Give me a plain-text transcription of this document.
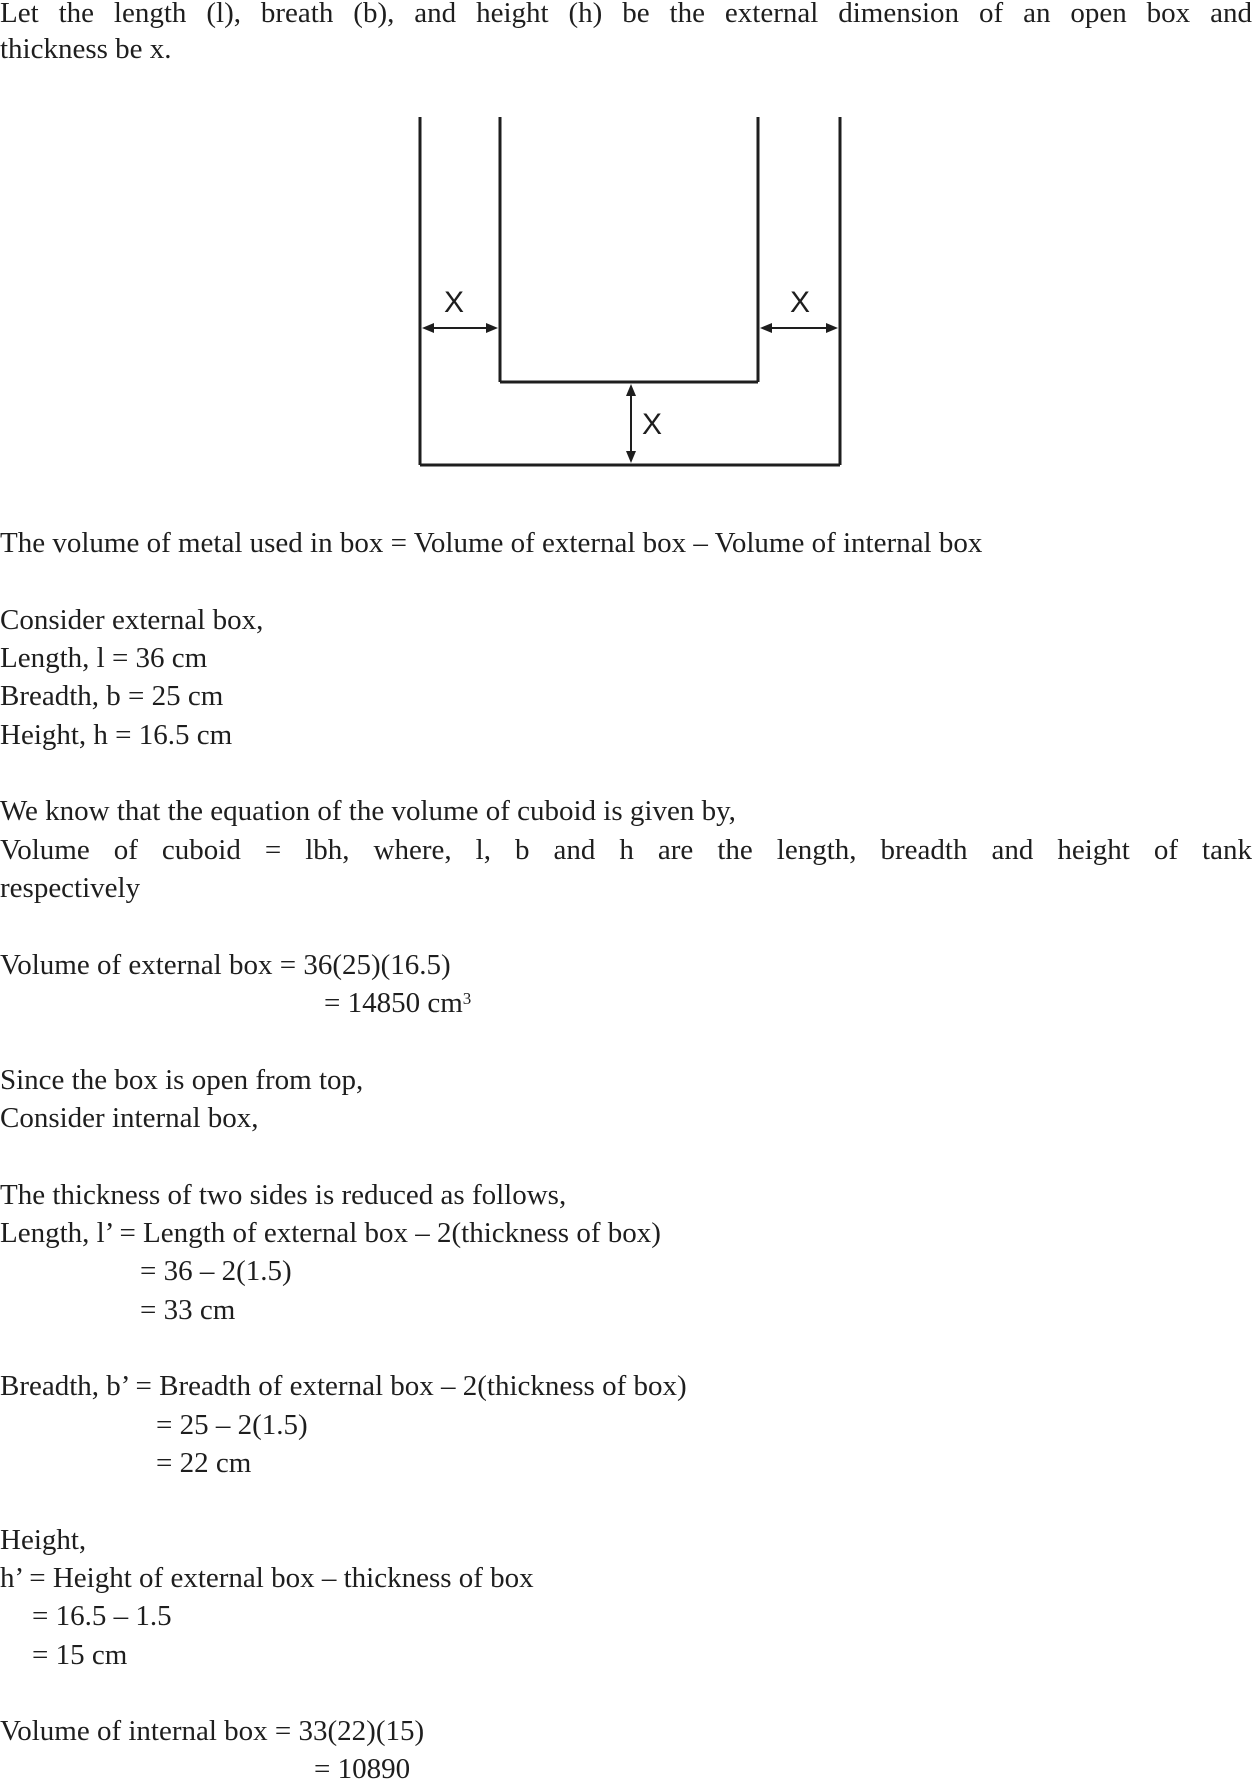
Let the length (l), breath (b), and height (h) be the external dimension of an open box and

thickness be x.

X	X
X

The volume of metal used in box = Volume of external box – Volume of internal box

Consider external box,

Length, l = 36 cm

Breadth, b = 25 cm

Height, h = 16.5 cm

We know that the equation of the volume of cuboid is given by,

Volume of cuboid = lbh, where, l, b and h are the length, breadth and height of tank

respectively

Volume of external box = 36(25)(16.5)

= 14850 $cm^3$

Since the box is open from top,

Consider internal box,

The thickness of two sides is reduced as follows,

Length, l’ = Length of external box – 2(thickness of box)

= 36 – 2(1.5)

= 33 cm

Breadth, b’ = Breadth of external box – 2(thickness of box)

= 25 – 2(1.5)

= 22 cm

Height,

h’ = Height of external box – thickness of box

= 16.5 – 1.5

= 15 cm

Volume of internal box = 33(22)(15)

= 10890
